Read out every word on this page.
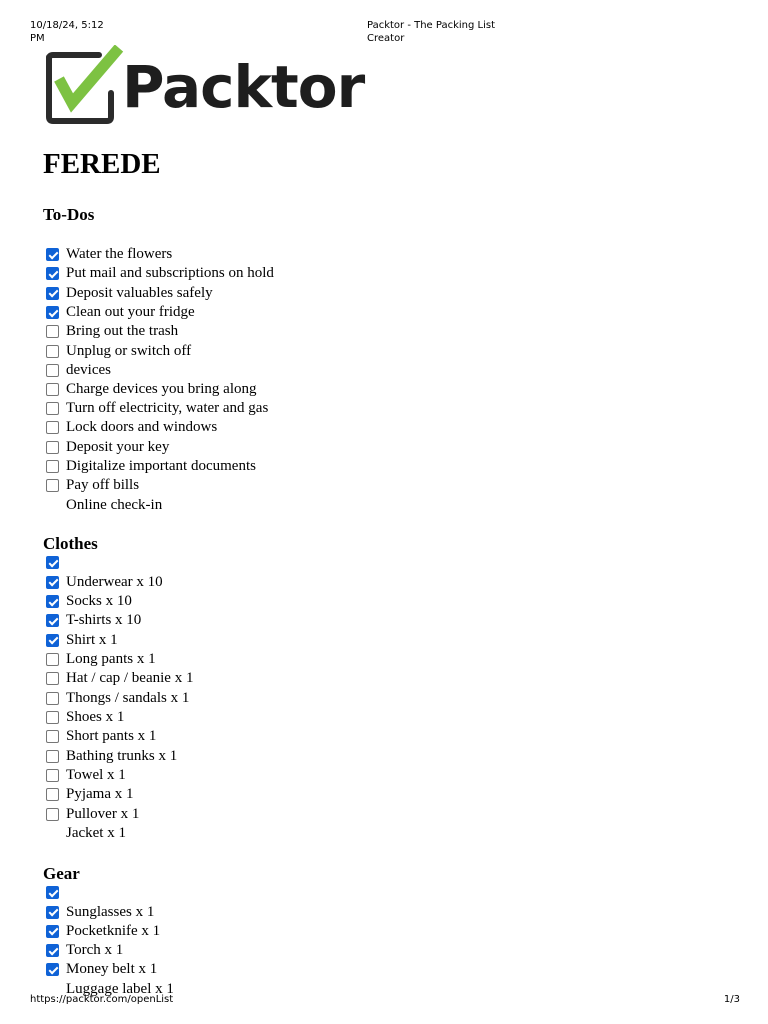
10/18/24, 5:12 PM
Packtor - The Packing List Creator
Packtor
FEREDE
To-Dos
Water the flowers
Put mail and subscriptions on hold
Deposit valuables safely
Clean out your fridge
Bring out the trash
Unplug or switch off
devices
Charge devices you bring along
Turn off electricity, water and gas
Lock doors and windows
Deposit your key
Digitalize important documents
Pay off bills
Online check-in
Clothes
Underwear x 10
Socks x 10
T-shirts x 10
Shirt x 1
Long pants x 1
Hat / cap / beanie x 1
Thongs / sandals x 1
Shoes x 1
Short pants x 1
Bathing trunks x 1
Towel x 1
Pyjama x 1
Pullover x 1
Jacket x 1
Gear
Sunglasses x 1
Pocketknife x 1
Torch x 1
Money belt x 1
Luggage label x 1
https://packtor.com/openList	1/3
